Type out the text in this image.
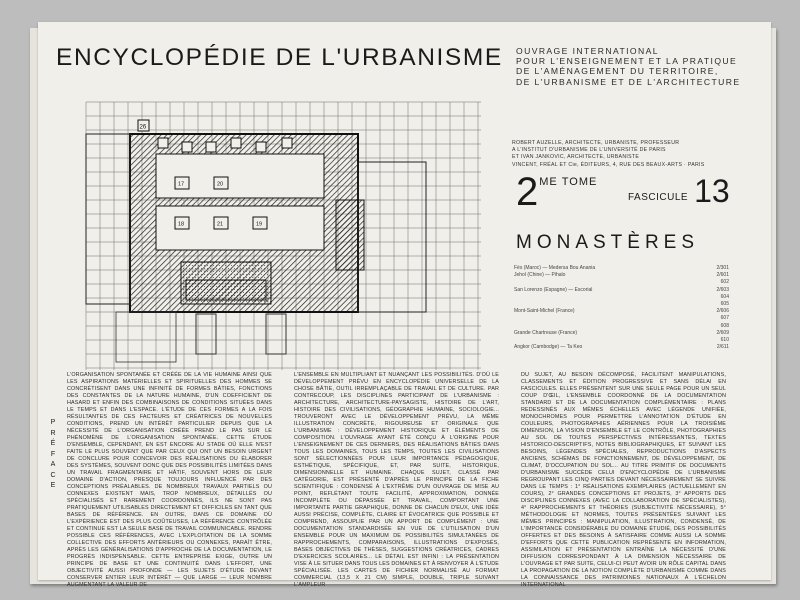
ENCYCLOPÉDIE DE L'URBANISME OUVRAGE INTERNATIONAL
POUR L'ENSEIGNEMENT ET LA PRATIQUE
DE L'AMÉNAGEMENT DU TERRITOIRE,
DE L'URBANISME ET DE L'ARCHITECTURE
ROBERT AUZELLE, ARCHITECTE, URBANISTE, PROFESSEUR
A L'INSTITUT D'URBANISME DE L'UNIVERSITÉ DE PARIS
ET IVAN JANKOVIC, ARCHITECTE, URBANISTE
VINCENT, FRÉAL ET Cie, ÉDITEURS, 4, RUE DES BEAUX-ARTS · PARIS
2ME TOME
FASCICULE 13
MONASTÈRES
Fès (Maroc) — Medersa Bou Anania	2/301
Jehol (Chine) — Pihalo	2/601
602
San Lorenzo (Espagne) — Escorial	2/603
604
605
Mont-Saint-Michel (France)	2/606
607
608
Grande Chartreuse (France)	2/609
610
Angkor (Cambodge) — Ta Keo	2/611
26
17	20
18	21	19
P
R
É
F
A
C
E
L'ORGANISATION SPONTANÉE ET CRÉÉE DE LA VIE HUMAINE AINSI QUE LES ASPIRATIONS MATÉRIELLES ET SPIRITUELLES DES HOMMES SE CONCRÉTISENT DANS UNE INFINITÉ DE FORMES BÂTIES, FONCTIONS DES CONSTANTES DE LA NATURE HUMAINE, D'UN COEFFICIENT DE HASARD ET ENFIN DES COMBINAISONS DE CONDITIONS SITUÉES DANS LE TEMPS ET DANS L'ESPACE. L'ÉTUDE DE CES FORMES A LA FOIS RÉSULTANTES DE CES FACTEURS ET CRÉATRICES DE NOUVELLES CONDITIONS, PREND UN INTÉRÊT PARTICULIER DEPUIS QUE LA NÉCESSITÉ DE L'ORGANISATION CRÉÉE PREND LE PAS SUR LE PHÉNOMÈNE DE L'ORGANISATION SPONTANÉE. CETTE ÉTUDE D'ENSEMBLE, CEPENDANT, EN EST ENCORE AU STADE OÙ ELLE N'EST FAITE LE PLUS SOUVENT QUE PAR CEUX QUI ONT UN BESOIN URGENT DE CONCLURE POUR CONCEVOIR DES RÉALISATIONS OU ÉLABORER DES SYSTÈMES, SOUVENT DONC QUE DES POSSIBILITÉS LIMITÉES DANS UN TRAVAIL FRAGMENTAIRE ET HÂTIF, SOUVENT HORS DE LEUR DOMAINE D'ACTION, PRESQUE TOUJOURS INFLUENCÉ PAR DES CONCEPTIONS PRÉALABLES. DE NOMBREUX TRAVAUX PARTIELS OU CONNEXES EXISTENT MAIS, TROP NOMBREUX, DÉTAILLÉS OU SPÉCIALISÉS ET RAREMENT COORDONNÉS, ILS NE SONT PAS PRATIQUEMENT UTILISABLES DIRECTEMENT ET DIFFICILES EN TANT QUE BASES DE RÉFÉRENCE. EN OUTRE, DANS CE DOMAINE OÙ L'EXPÉRIENCE EST DES PLUS COÛTEUSES, LA RÉFÉRENCE CONTRÔLÉE ET CONTINUE EST LA SEULE BASE DE TRAVAIL COMMUNICABLE. RENDRE POSSIBLE CES RÉFÉRENCES, AVEC L'EXPLOITATION DE LA SOMME COLLECTIVE DES EFFORTS ANTÉRIEURS OU CONNEXES, PARAÎT ÊTRE, APRÈS LES GÉNÉRALISATIONS D'APPROCHE DE LA DOCUMENTATION, LE PROGRÈS INDISPENSABLE. CETTE ENTREPRISE EXIGE, OUTRE UN PRINCIPE DE BASE ET UNE CONTINUITÉ DANS L'EFFORT, UNE OBJECTIVITÉ AUSSI PROFONDE — LES SUJETS D'ÉTUDE DEVANT CONSERVER ENTIER LEUR INTÉRÊT — QUE LARGE — LEUR NOMBRE AUGMENTANT LA VALEUR DE
L'ENSEMBLE EN MULTIPLIANT ET NUANÇANT LES POSSIBILITÉS. D'OÙ LE DÉVELOPPEMENT PRÉVU EN ENCYCLOPÉDIE UNIVERSELLE DE LA CHOSE BÂTIE, OUTIL IRREMPLAÇABLE DE TRAVAIL ET DE CULTURE. PAR CONTRECOUP, LES DISCIPLINES PARTICIPANT DE L'URBANISME : ARCHITECTURE, ARCHITECTURE-PAYSAGISTE, HISTOIRE DE L'ART, HISTOIRE DES CIVILISATIONS, GÉOGRAPHIE HUMAINE, SOCIOLOGIE... TROUVERONT AVEC LE DÉVELOPPEMENT PRÉVU, LA MÊME ILLUSTRATION CONCRÈTE, RIGOUREUSE ET ORIGINALE QUE L'URBANISME : DÉVELOPPEMENT HISTORIQUE ET ÉLÉMENTS DE COMPOSITION. L'OUVRAGE AYANT ÉTÉ CONÇU À L'ORIGINE POUR L'ENSEIGNEMENT DE CES DERNIERS, DES RÉALISATIONS BÂTIES DANS TOUS LES DOMAINES, TOUS LES TEMPS, TOUTES LES CIVILISATIONS SONT SÉLECTIONNÉES POUR LEUR IMPORTANCE PÉDAGOGIQUE, ESTHÉTIQUE, SPÉCIFIQUE, ET, PAR SUITE, HISTORIQUE, DIMENSIONNELLE ET HUMAINE. CHAQUE SUJET, CLASSÉ PAR CATÉGORIE, EST PRÉSENTÉ D'APRÈS LE PRINCIPE DE LA FICHE SCIENTIFIQUE : CONDENSÉ À L'EXTRÊME D'UN OUVRAGE DE MISE AU POINT, REFLÉTANT TOUTE FACILITÉ, APPROXIMATION, DONNÉE INCOMPLÈTE OU DÉPASSÉE ET TRAVAIL, COMPORTANT UNE IMPORTANTE PARTIE GRAPHIQUE, DONNE DE CHACUN D'EUX, UNE IDÉE AUSSI PRÉCISE, COMPLÈTE, CLAIRE ET ÉVOCATRICE QUE POSSIBLE ET COMPREND, ASSOUPLIE PAR UN APPORT DE COMPLÉMENT : UNE DOCUMENTATION STANDARDISÉE EN VUE DE L'UTILISATION D'UN ENSEMBLE POUR UN MAXIMUM DE POSSIBILITÉS SIMULTANÉES DE RAPPROCHEMENTS, COMPARAISONS, ILLUSTRATIONS D'EXPOSÉS, BASES OBJECTIVES DE THÈSES, SUGGESTIONS CRÉATRICES, CADRES D'EXERCICES SCOLAIRES... LE DÉTAIL EST INFINI : LA PRÉSENTATION VISE À LE SITUER DANS TOUS LES DOMAINES ET À RENVOYER À L'ÉTUDE SPÉCIALISÉE. LES CARTES DE FICHIER NORMALISÉ AU FORMAT COMMERCIAL (13,5 X 21 CM) SIMPLE, DOUBLE, TRIPLE SUIVANT L'AMPLEUR
DU SUJET, AU BESOIN DÉCOMPOSÉ, FACILITENT MANIPULATIONS, CLASSEMENTS ET ÉDITION PROGRESSIVE ET SANS DÉLAI EN FASCICULES. ELLES PRÉSENTENT SUR UNE SEULE PAGE POUR UN SEUL COUP D'ŒIL, L'ENSEMBLE COORDONNÉ DE LA DOCUMENTATION STANDARD ET DE LA DOCUMENTATION COMPLÉMENTAIRE : PLANS REDESSINÉS AUX MÊMES ÉCHELLES AVEC LÉGENDE UNIFIÉE, MONOCHROMES POUR PERMETTRE L'ANNOTATION D'ÉTUDE EN COULEURS, PHOTOGRAPHIES AÉRIENNES POUR LA TROISIÈME DIMENSION, LA VISION D'ENSEMBLE ET LE CONTRÔLE, PHOTOGRAPHIES AU SOL DE TOUTES PERSPECTIVES INTÉRESSANTES, TEXTES HISTORICO-DESCRIPTIFS, NOTES BIBLIOGRAPHIQUES, ET SUIVANT LES BESOINS, LÉGENDES SPÉCIALES, REPRODUCTIONS D'ASPECTS ANCIENS, SCHÉMAS DE FONCTIONNEMENT, DE DÉVELOPPEMENT, DE CLIMAT, D'OCCUPATION DU SOL... AU TITRE PRIMITIF DE DOCUMENTS D'URBANISME SUCCÈDE CELUI D'ENCYCLOPÉDIE DE L'URBANISME REGROUPANT LES CINQ PARTIES DEVANT NÉCESSAIREMENT SE SUIVRE DANS LE TEMPS : 1° RÉALISATIONS EXEMPLAIRES (ACTUELLEMENT EN COURS), 2° GRANDES CONCEPTIONS ET PROJETS, 3° APPORTS DES DISCIPLINES CONNEXES (AVEC LA COLLABORATION DE SPÉCIALISTES), 4° RAPPROCHEMENTS ET THÉORIES (SUBJECTIVITÉ NÉCESSAIRE), 5° MÉTHODOLOGIE ET NORMES, TOUTES PRÉSENTÉES SUIVANT LES MÊMES PRINCIPES : MANIPULATION, ILLUSTRATION, CONDENSÉ, DE L'IMPORTANCE CONSIDÉRABLE DU DOMAINE ÉTUDIÉ, DES POSSIBILITÉS OFFERTES ET DES BESOINS À SATISFAIRE COMME AUSSI LA SOMME D'EFFORTS QUE CETTE PUBLICATION REPRÉSENTE EN INFORMATION, ASSIMILATION ET PRÉSENTATION ENTRAÎNE LA NÉCESSITÉ D'UNE DIFFUSION CORRESPONDANT À LA DIMENSION NÉCESSAIRE DE L'OUVRAGE ET PAR SUITE, CELUI-CI PEUT AVOIR UN RÔLE CAPITAL DANS LA PROPAGATION DE LA NOTION COMPLÈTE D'URBANISME COMME DANS LA CONNAISSANCE DES PATRIMOINES NATIONAUX À L'ÉCHELON INTERNATIONAL
